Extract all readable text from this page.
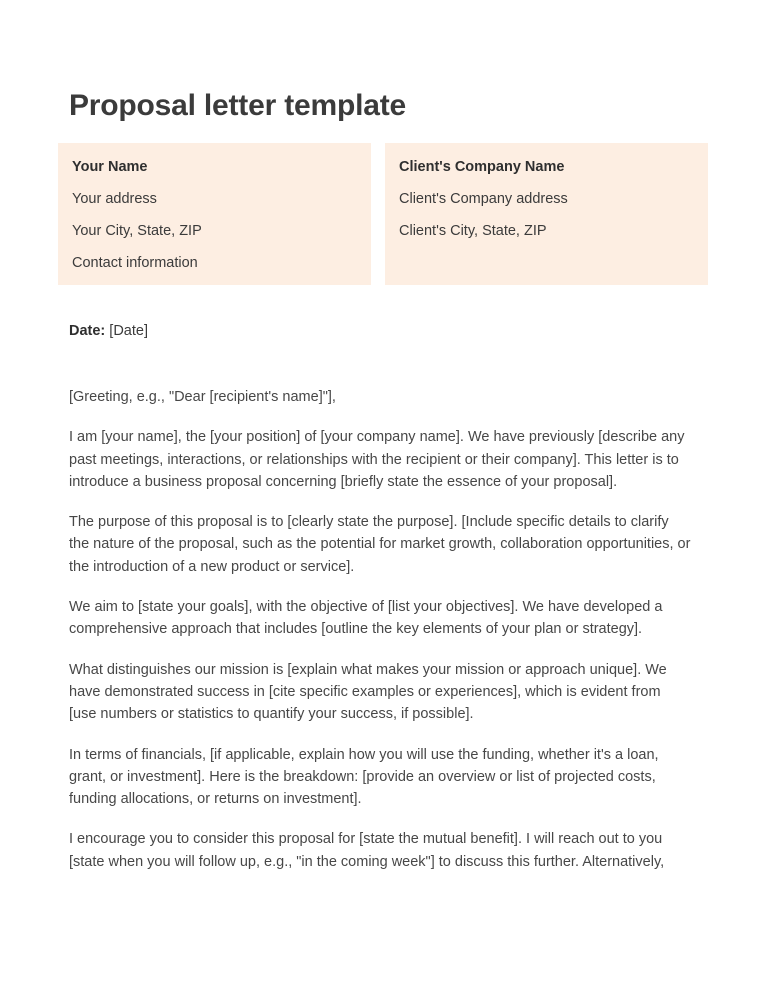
Proposal letter template
Your Name
Your address
Your City, State, ZIP
Contact information
Client's Company Name
Client's Company address
Client's City, State, ZIP
Date: [Date]

[Greeting, e.g., "Dear [recipient's name]"],

I am [your name], the [your position] of [your company name]. We have previously [describe any past meetings, interactions, or relationships with the recipient or their company]. This letter is to introduce a business proposal concerning [briefly state the essence of your proposal].

The purpose of this proposal is to [clearly state the purpose]. [Include specific details to clarify the nature of the proposal, such as the potential for market growth, collaboration opportunities, or the introduction of a new product or service].

We aim to [state your goals], with the objective of [list your objectives]. We have developed a comprehensive approach that includes [outline the key elements of your plan or strategy].

What distinguishes our mission is [explain what makes your mission or approach unique]. We have demonstrated success in [cite specific examples or experiences], which is evident from [use numbers or statistics to quantify your success, if possible].

In terms of financials, [if applicable, explain how you will use the funding, whether it's a loan, grant, or investment]. Here is the breakdown: [provide an overview or list of projected costs, funding allocations, or returns on investment].

I encourage you to consider this proposal for [state the mutual benefit]. I will reach out to you [state when you will follow up, e.g., "in the coming week"] to discuss this further. Alternatively,
